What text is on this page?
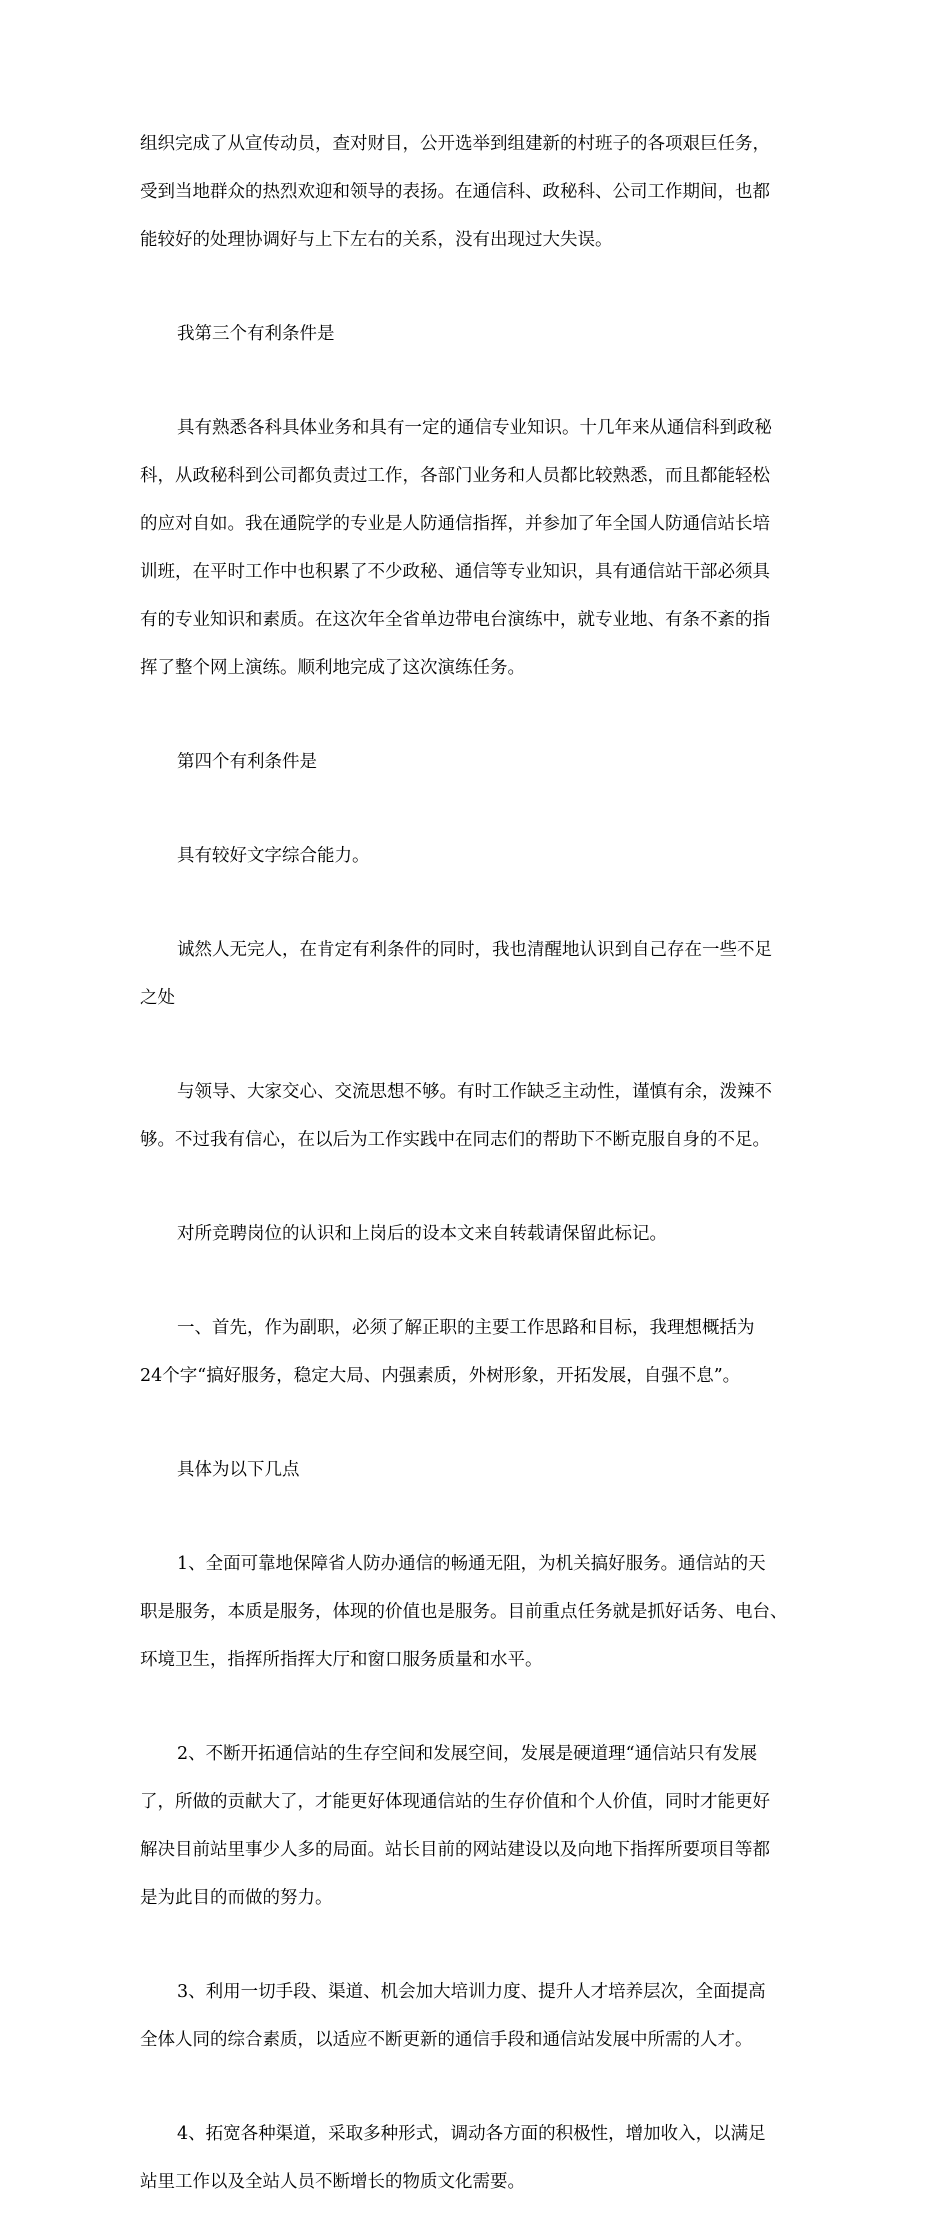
组织完成了从宣传动员，查对财目，公开选举到组建新的村班子的各项艰巨任务，

受到当地群众的热烈欢迎和领导的表扬。在通信科、政秘科、公司工作期间，也都

能较好的处理协调好与上下左右的关系，没有出现过大失误。

我第三个有利条件是

具有熟悉各科具体业务和具有一定的通信专业知识。十几年来从通信科到政秘

科，从政秘科到公司都负责过工作，各部门业务和人员都比较熟悉，而且都能轻松

的应对自如。我在通院学的专业是人防通信指挥，并参加了年全国人防通信站长培

训班，在平时工作中也积累了不少政秘、通信等专业知识，具有通信站干部必须具

有的专业知识和素质。在这次年全省单边带电台演练中，就专业地、有条不紊的指

挥了整个网上演练。顺利地完成了这次演练任务。

第四个有利条件是

具有较好文字综合能力。

诚然人无完人，在肯定有利条件的同时，我也清醒地认识到自己存在一些不足

之处

与领导、大家交心、交流思想不够。有时工作缺乏主动性，谨慎有余，泼辣不

够。不过我有信心，在以后为工作实践中在同志们的帮助下不断克服自身的不足。

对所竞聘岗位的认识和上岗后的设本文来自转载请保留此标记。

一、首先，作为副职，必须了解正职的主要工作思路和目标，我理想概括为

24个字“搞好服务，稳定大局、内强素质，外树形象，开拓发展，自强不息”。

具体为以下几点

1、全面可靠地保障省人防办通信的畅通无阻，为机关搞好服务。通信站的天

职是服务，本质是服务，体现的价值也是服务。目前重点任务就是抓好话务、电台、

环境卫生，指挥所指挥大厅和窗口服务质量和水平。

2、不断开拓通信站的生存空间和发展空间，发展是硬道理“通信站只有发展

了，所做的贡献大了，才能更好体现通信站的生存价值和个人价值，同时才能更好

解决目前站里事少人多的局面。站长目前的网站建设以及向地下指挥所要项目等都

是为此目的而做的努力。

3、利用一切手段、渠道、机会加大培训力度、提升人才培养层次，全面提高

全体人同的综合素质，以适应不断更新的通信手段和通信站发展中所需的人才。

4、拓宽各种渠道，采取多种形式，调动各方面的积极性，增加收入，以满足

站里工作以及全站人员不断增长的物质文化需要。
